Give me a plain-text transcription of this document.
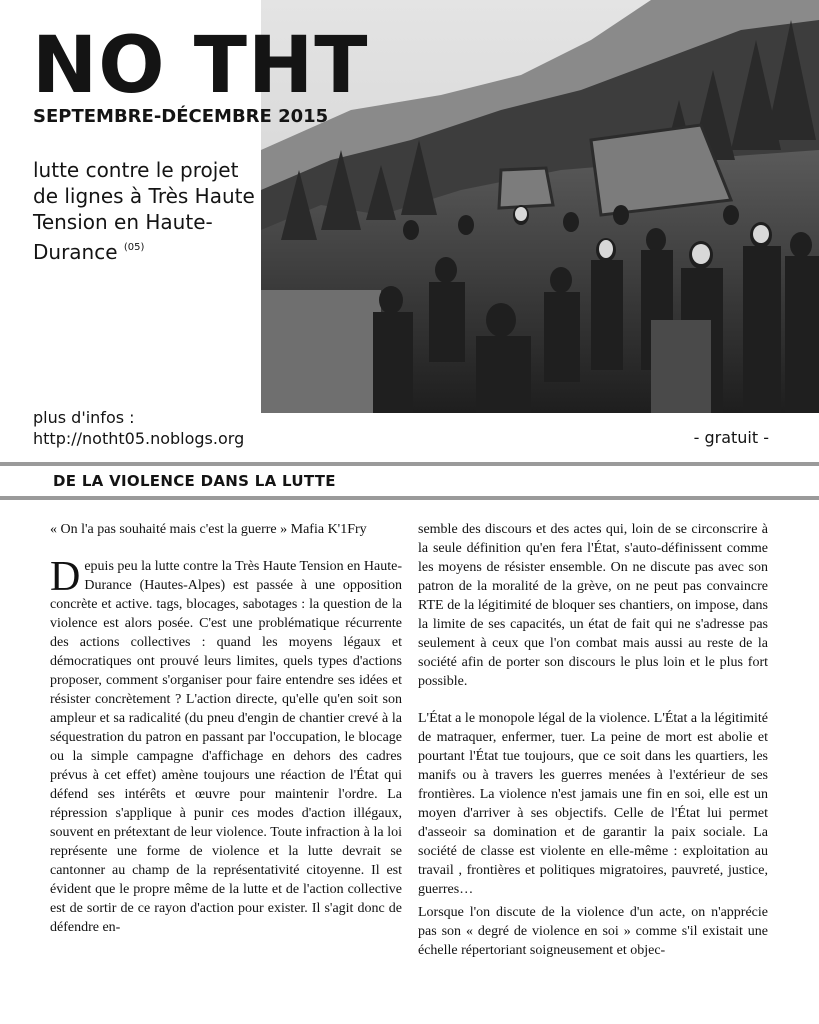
NO THT
SEPTEMBRE-DÉCEMBRE 2015
lutte contre le projet de lignes à Très Haute Tension en Haute-Durance $^{(05)}$
plus d'infos :
http://notht05.noblogs.org	- gratuit -
DE LA VIOLENCE DANS LA LUTTE

« On l'a pas souhaité mais c'est la guerre » Mafia K'1Fry

Depuis peu la lutte contre la Très Haute Tension en Haute-Durance (Hautes-Alpes) est passée à une opposition concrète et active. tags, blocages, sabotages : la question de la violence est alors posée. C'est une problématique récurrente des actions collectives : quand les moyens légaux et démocratiques ont prouvé leurs limites, quels types d'actions proposer, comment s'organiser pour faire entendre ses idées et résister concrètement ? L'action directe, qu'elle qu'en soit son ampleur et sa radicalité (du pneu d'engin de chantier crevé à la séquestration du patron en passant par l'occupation, le blocage ou la simple campagne d'affichage en dehors des cadres prévus à cet effet) amène toujours une réaction de l'État qui défend ses intérêts et œuvre pour maintenir l'ordre. La répression s'applique à punir ces modes d'action illégaux, souvent en prétextant de leur violence. Toute infraction à la loi représente une forme de violence et la lutte devrait se cantonner au champ de la représentativité citoyenne. Il est évident que le propre même de la lutte et de l'action collective est de sortir de ce rayon d'action pour exister. Il s'agit donc de défendre en-

semble des discours et des actes qui, loin de se circonscrire à la seule définition qu'en fera l'État, s'auto-définissent comme les moyens de résister ensemble. On ne discute pas avec son patron de la moralité de la grève, on ne peut pas convaincre RTE de la légitimité de bloquer ses chantiers, on impose, dans la limite de ses capacités, un état de fait qui ne s'adresse pas seulement à ceux que l'on combat mais aussi au reste de la société afin de porter son discours le plus loin et le plus fort possible.

L'État a le monopole légal de la violence. L'État a la légitimité de matraquer, enfermer, tuer. La peine de mort est abolie et pourtant l'État tue toujours, que ce soit dans les quartiers, les manifs ou à travers les guerres menées à l'extérieur de ses frontières. La violence n'est jamais une fin en soi, elle est un moyen d'arriver à ses objectifs. Celle de l'État lui permet d'asseoir sa domination et de garantir la paix sociale. La société de classe est violente en elle-même : exploitation au travail , frontières et politiques migratoires, pauvreté, justice, guerres…

Lorsque l'on discute de la violence d'un acte, on n'apprécie pas son « degré de violence en soi » comme s'il existait une échelle répertoriant soigneusement et objec-
